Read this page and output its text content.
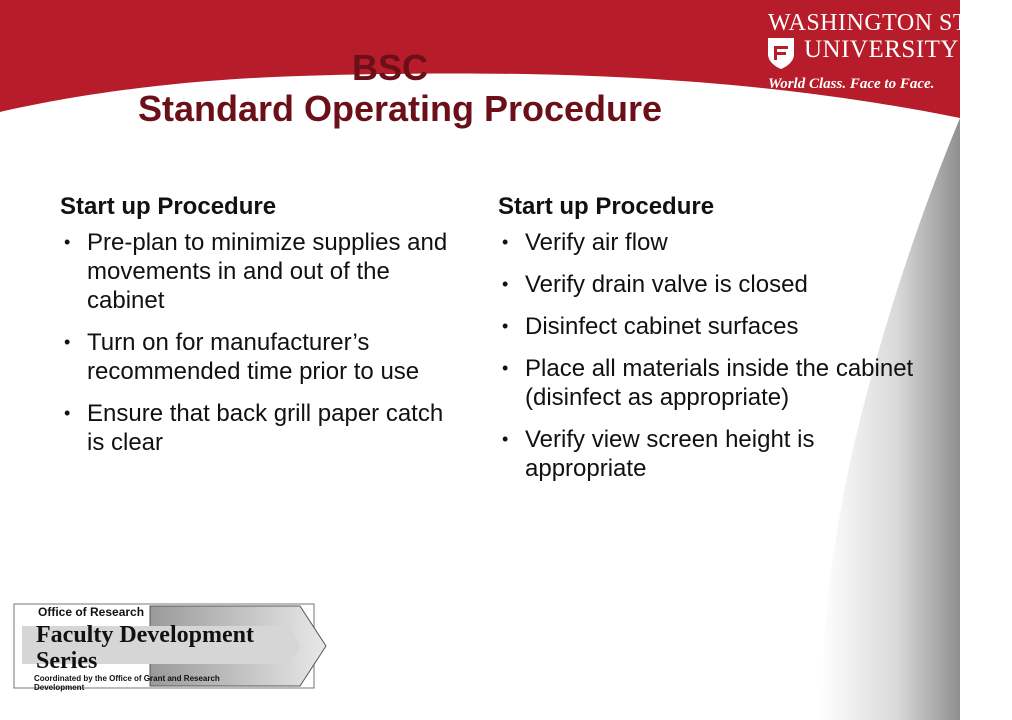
WASHINGTON STATE
UNIVERSITY
World Class. Face to Face.
BSC
Standard Operating Procedure
Start up Procedure
• Pre-plan to minimize supplies and movements in and out of the cabinet
• Turn on for manufacturer’s recommended time prior to use
• Ensure that back grill paper catch is clear
Start up Procedure
• Verify air flow
• Verify drain valve is closed
• Disinfect cabinet surfaces
• Place all materials inside the cabinet (disinfect as appropriate)
• Verify view screen height is appropriate
Office of Research
Faculty Development
Series
Coordinated by the Office of Grant and Research Development
